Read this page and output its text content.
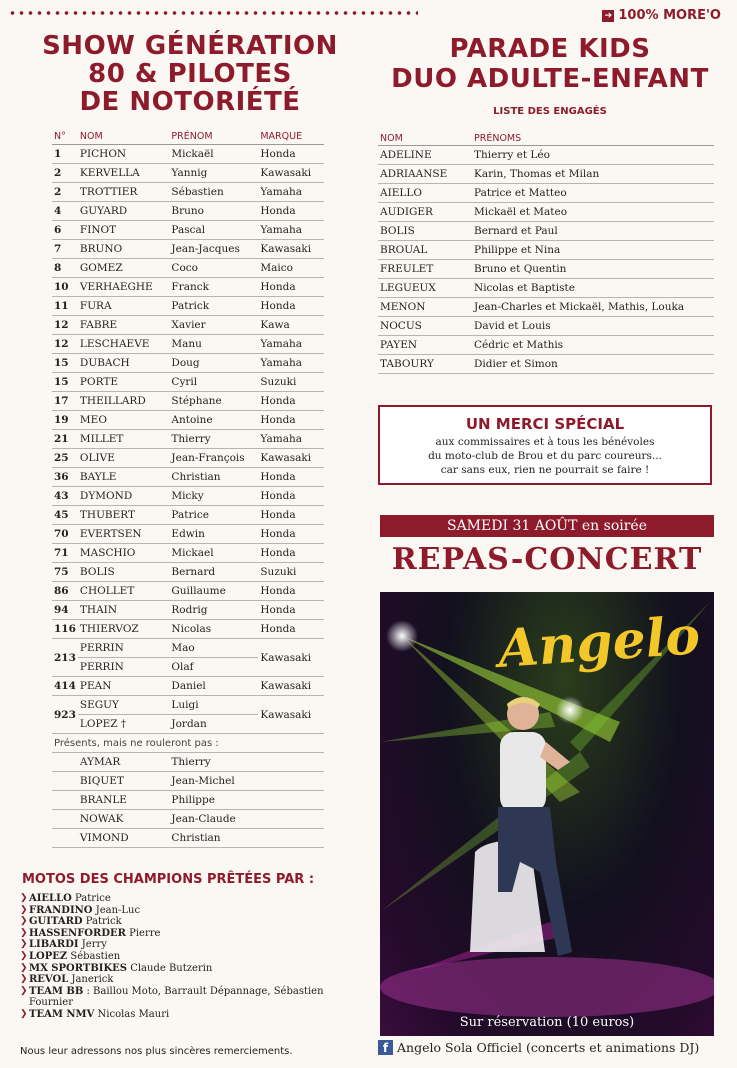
➔ 100% MORE'O
SHOW GÉNÉRATION
80 & PILOTES
DE NOTORIÉTÉ
N°	NOM	PRÉNOM	MARQUE
1	PICHON	Mickaël	Honda
2	KERVELLA	Yannig	Kawasaki
2	TROTTIER	Sébastien	Yamaha
4	GUYARD	Bruno	Honda
6	FINOT	Pascal	Yamaha
7	BRUNO	Jean-Jacques	Kawasaki
8	GOMEZ	Coco	Maico
10	VERHAEGHE	Franck	Honda
11	FURA	Patrick	Honda
12	FABRE	Xavier	Kawa
12	LESCHAEVE	Manu	Yamaha
15	DUBACH	Doug	Yamaha
15	PORTE	Cyril	Suzuki
17	THEILLARD	Stéphane	Honda
19	MEO	Antoine	Honda
21	MILLET	Thierry	Yamaha
25	OLIVE	Jean-François	Kawasaki
36	BAYLE	Christian	Honda
43	DYMOND	Micky	Honda
45	THUBERT	Patrice	Honda
70	EVERTSEN	Edwin	Honda
71	MASCHIO	Mickael	Honda
75	BOLIS	Bernard	Suzuki
86	CHOLLET	Guillaume	Honda
94	THAIN	Rodrig	Honda
116	THIERVOZ	Nicolas	Honda
213	PERRIN	Mao	Kawasaki
	PERRIN	Olaf	
414	PEAN	Daniel	Kawasaki
923	SEGUY	Luigi	Kawasaki
	LOPEZ †	Jordan	
Présents, mais ne rouleront pas :			
	AYMAR	Thierry	
	BIQUET	Jean-Michel	
	BRANLE	Philippe	
	NOWAK	Jean-Claude	
	VIMOND	Christian	
PARADE KIDS
DUO ADULTE-ENFANT
LISTE DES ENGAGÉS
NOM	PRÉNOMS
ADELINE	Thierry et Léo
ADRIAANSE	Karin, Thomas et Milan
AIELLO	Patrice et Matteo
AUDIGER	Mickaël et Mateo
BOLIS	Bernard et Paul
BROUAL	Philippe et Nina
FREULET	Bruno et Quentin
LEGUEUX	Nicolas et Baptiste
MENON	Jean-Charles et Mickaël, Mathis, Louka
NOCUS	David et Louis
PAYEN	Cédric et Mathis
TABOURY	Didier et Simon
UN MERCI SPÉCIAL
aux commissaires et à tous les bénévoles
du moto-club de Brou et du parc coureurs...
car sans eux, rien ne pourrait se faire !
SAMEDI 31 AOÛT en soirée
REPAS-CONCERT
Angelo
Sur réservation (10 euros)
f Angelo Sola Officiel (concerts et animations DJ)
MOTOS DES CHAMPIONS PRÊTÉES PAR :
❯ AIELLO Patrice
❯ FRANDINO Jean-Luc
❯ GUITARD Patrick
❯ HASSENFORDER Pierre
❯ LIBARDI Jerry
❯ LOPEZ Sébastien
❯ MX SPORTBIKES Claude Butzerin
❯ REVOL Janerick
❯ TEAM BB : Baillou Moto, Barrault Dépannage, Sébastien Fournier
❯ TEAM NMV Nicolas Mauri
Nous leur adressons nos plus sincères remerciements.
